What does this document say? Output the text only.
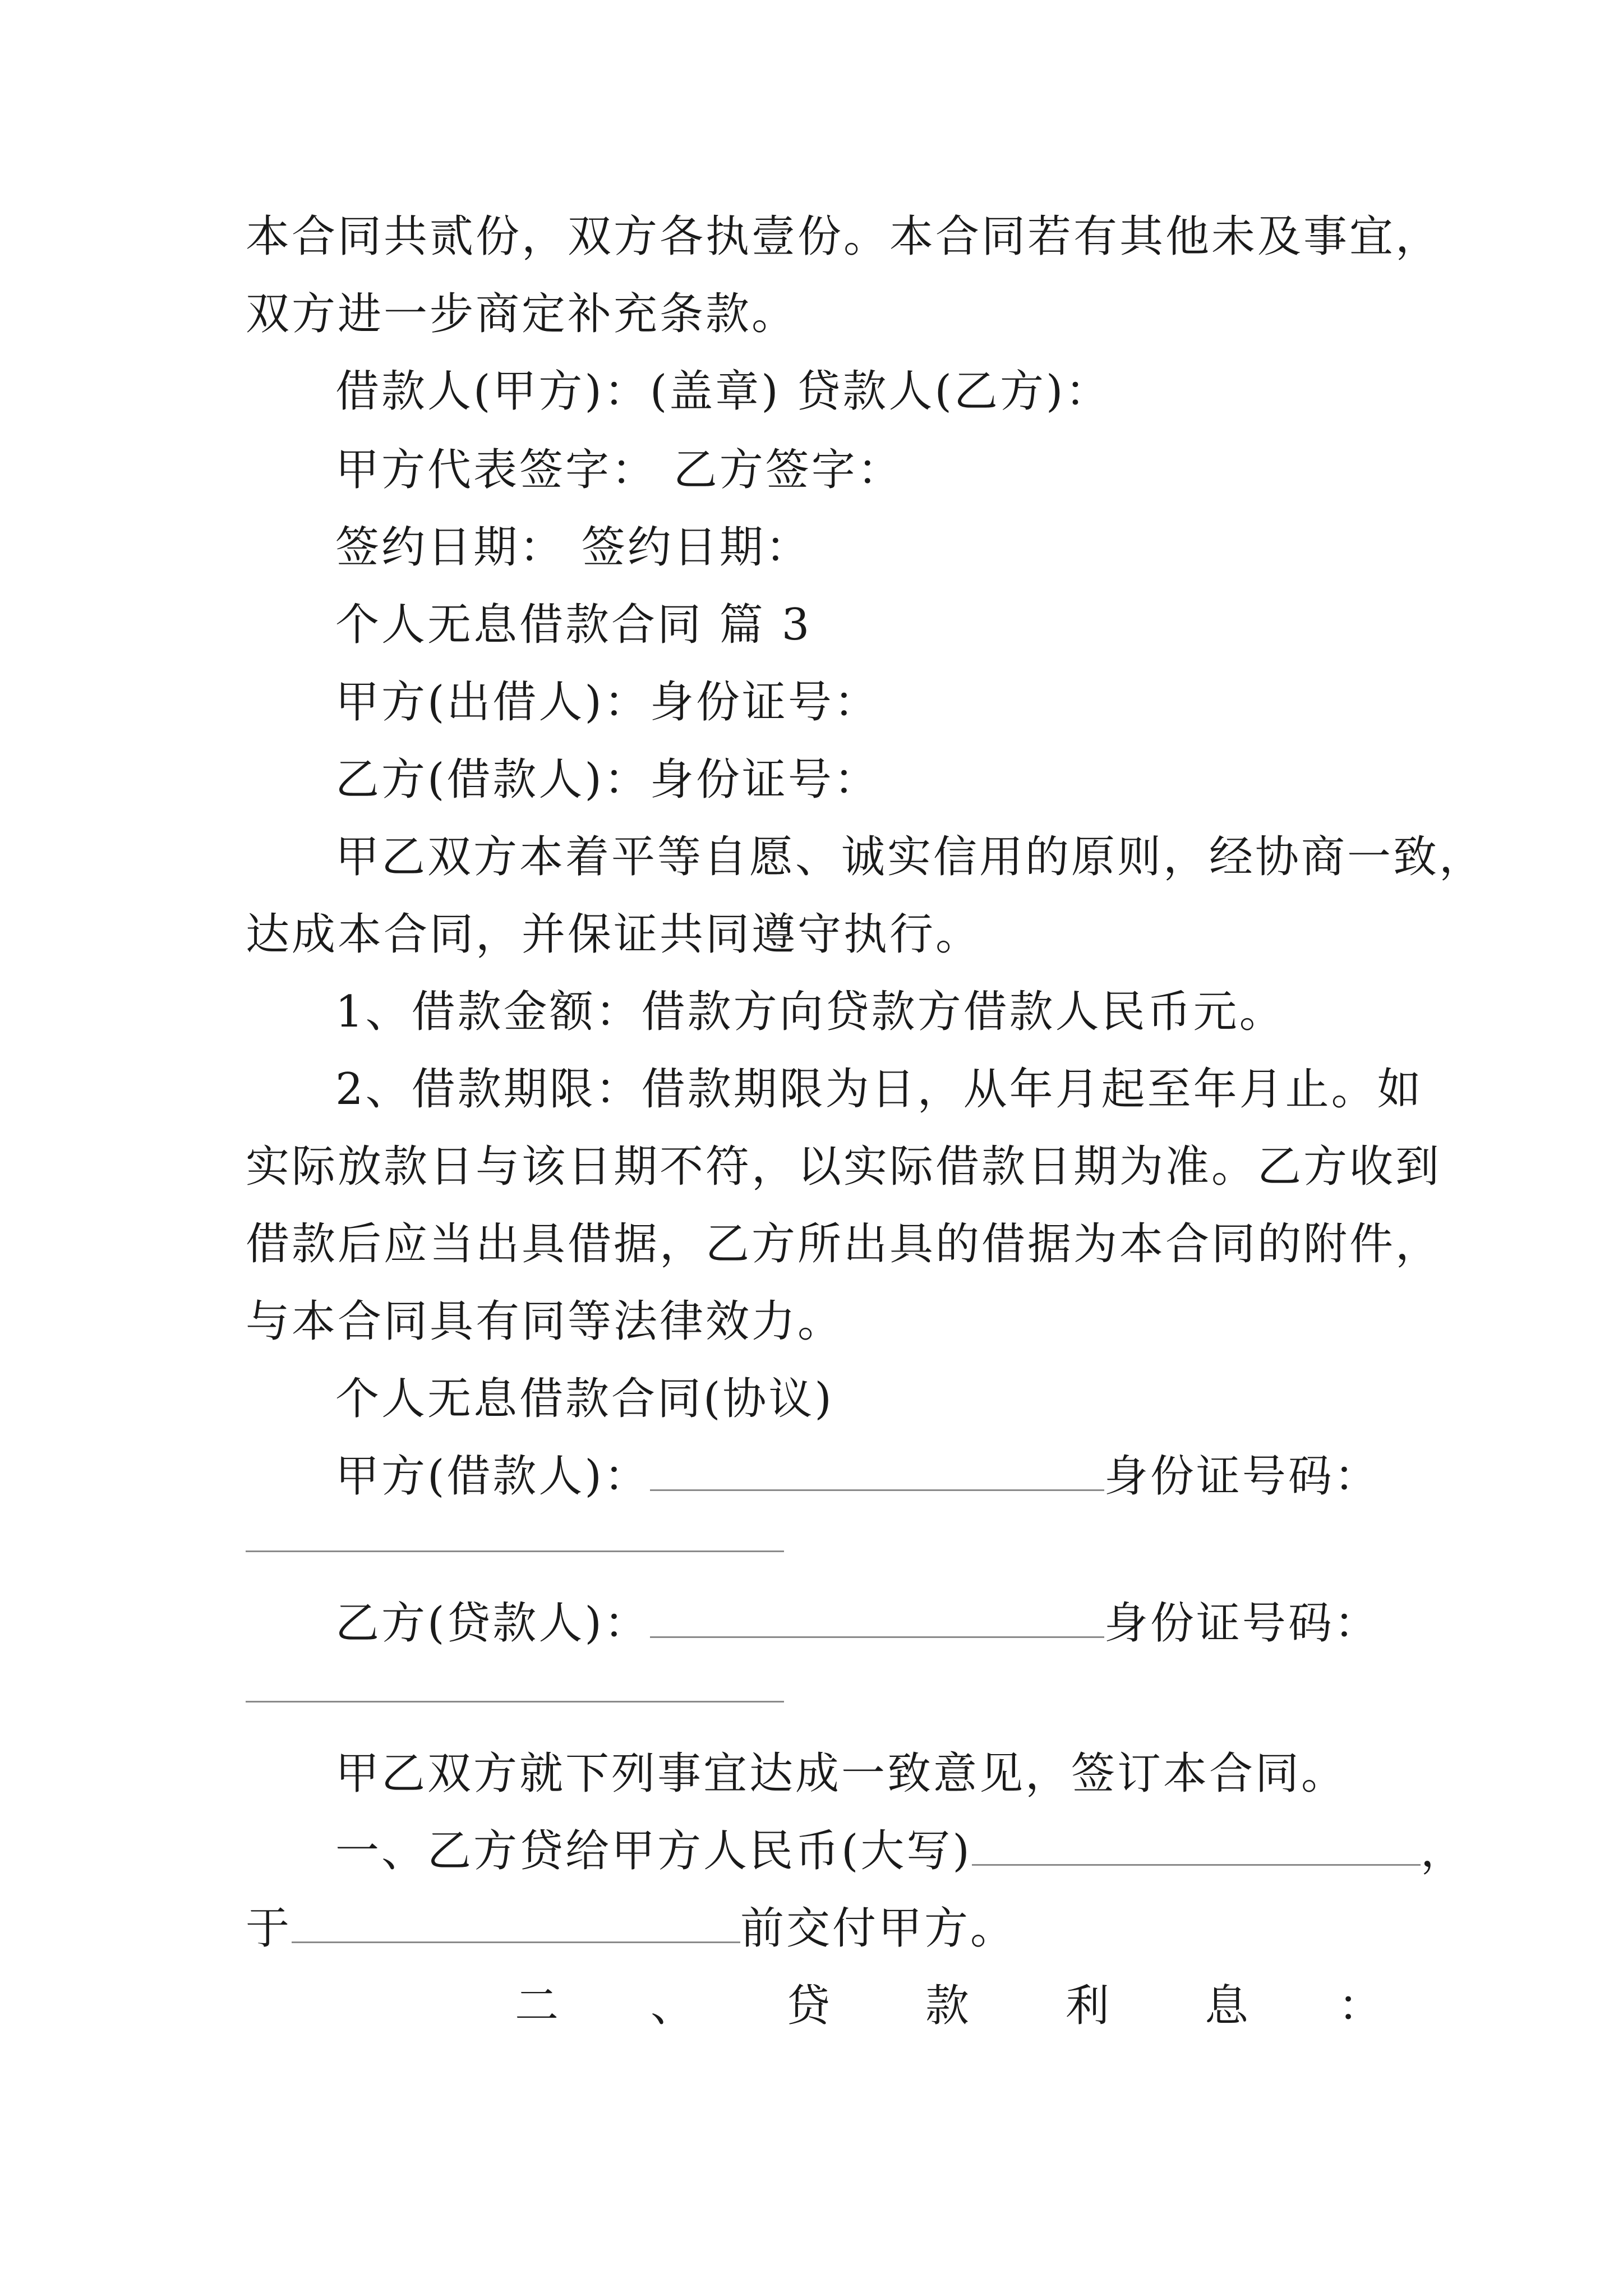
本合同共贰份，双方各执壹份。本合同若有其他未及事宜，
双方进一步商定补充条款。
借款人(甲方)：(盖章) 贷款人(乙方)：
甲方代表签字： 乙方签字：
签约日期： 签约日期：
个人无息借款合同 篇 3
甲方(出借人)：身份证号：
乙方(借款人)：身份证号：
甲乙双方本着平等自愿、诚实信用的原则，经协商一致，
达成本合同，并保证共同遵守执行。
1、借款金额：借款方向贷款方借款人民币元。
2、借款期限：借款期限为日，从年月起至年月止。如
实际放款日与该日期不符，以实际借款日期为准。乙方收到
借款后应当出具借据，乙方所出具的借据为本合同的附件，
与本合同具有同等法律效力。
个人无息借款合同(协议)
甲方(借款人)：	身份证号码：
乙方(贷款人)：	身份证号码：
甲乙双方就下列事宜达成一致意见，签订本合同。
一、乙方贷给甲方人民币(大写)	，
于	前交付甲方。
二 、 贷 款 利 息 ：
